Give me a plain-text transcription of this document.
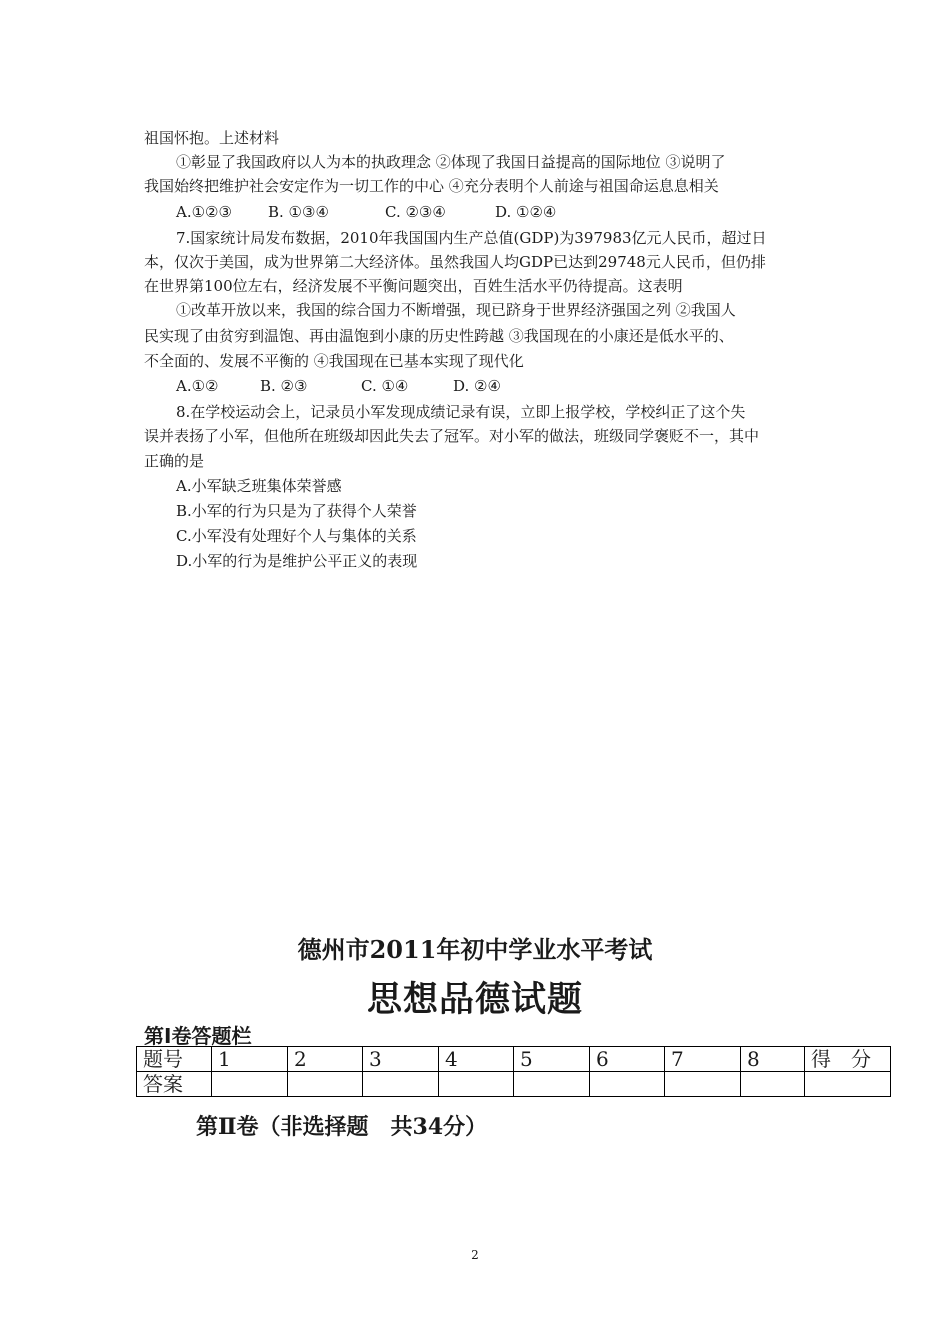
祖国怀抱。上述材料
①彰显了我国政府以人为本的执政理念 ②体现了我国日益提高的国际地位 ③说明了
我国始终把维护社会安定作为一切工作的中心 ④充分表明个人前途与祖国命运息息相关
A.①②③ B. ①③④	C. ②③④	D. ①②④
7.国家统计局发布数据，2010年我国国内生产总值(GDP)为397983亿元人民币，超过日
本，仅次于美国，成为世界第二大经济体。虽然我国人均GDP已达到29748元人民币，但仍排
在世界第100位左右，经济发展不平衡问题突出，百姓生活水平仍待提高。这表明
①改革开放以来，我国的综合国力不断增强，现已跻身于世界经济强国之列 ②我国人
民实现了由贫穷到温饱、再由温饱到小康的历史性跨越 ③我国现在的小康还是低水平的、
不全面的、发展不平衡的 ④我国现在已基本实现了现代化
A.①②	B. ②③	C. ①④	D. ②④
8.在学校运动会上，记录员小军发现成绩记录有误，立即上报学校，学校纠正了这个失
误并表扬了小军，但他所在班级却因此失去了冠军。对小军的做法，班级同学褒贬不一，其中
正确的是
A.小军缺乏班集体荣誉感
B.小军的行为只是为了获得个人荣誉
C.小军没有处理好个人与集体的关系
D.小军的行为是维护公平正义的表现
德州市2011年初中学业水平考试
思想品德试题
第Ⅰ卷答题栏
题号	1	2	3	4	5	6	7	8	得　分
答案									
第Ⅱ卷（非选择题　共34分）
2
